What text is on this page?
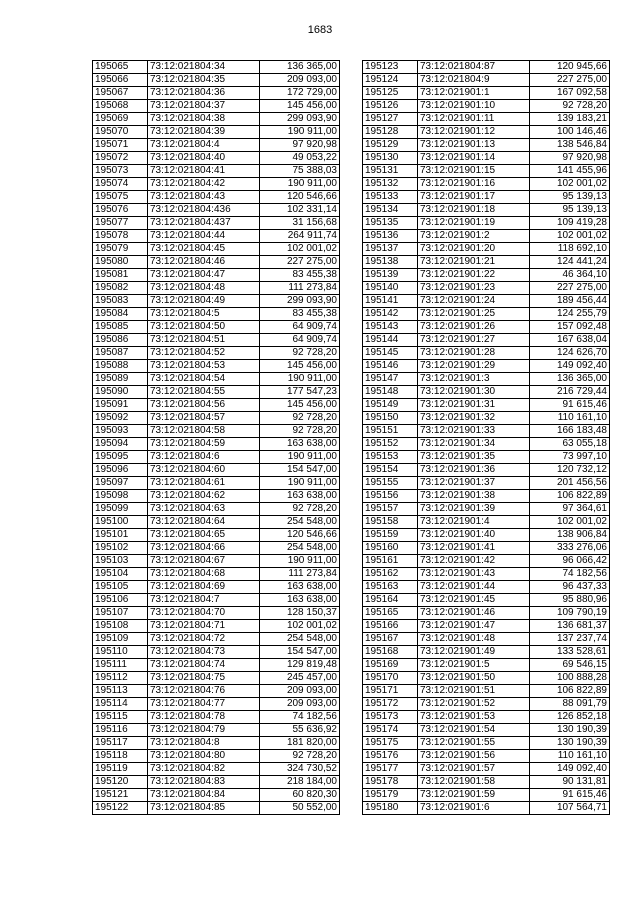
1683
195065	73:12:021804:34	136 365,00
195066	73:12:021804:35	209 093,00
195067	73:12:021804:36	172 729,00
195068	73:12:021804:37	145 456,00
195069	73:12:021804:38	299 093,90
195070	73:12:021804:39	190 911,00
195071	73:12:021804:4	97 920,98
195072	73:12:021804:40	49 053,22
195073	73:12:021804:41	75 388,03
195074	73:12:021804:42	190 911,00
195075	73:12:021804:43	120 546,66
195076	73:12:021804:436	102 331,14
195077	73:12:021804:437	31 156,68
195078	73:12:021804:44	264 911,74
195079	73:12:021804:45	102 001,02
195080	73:12:021804:46	227 275,00
195081	73:12:021804:47	83 455,38
195082	73:12:021804:48	111 273,84
195083	73:12:021804:49	299 093,90
195084	73:12:021804:5	83 455,38
195085	73:12:021804:50	64 909,74
195086	73:12:021804:51	64 909,74
195087	73:12:021804:52	92 728,20
195088	73:12:021804:53	145 456,00
195089	73:12:021804:54	190 911,00
195090	73:12:021804:55	177 547,23
195091	73:12:021804:56	145 456,00
195092	73:12:021804:57	92 728,20
195093	73:12:021804:58	92 728,20
195094	73:12:021804:59	163 638,00
195095	73:12:021804:6	190 911,00
195096	73:12:021804:60	154 547,00
195097	73:12:021804:61	190 911,00
195098	73:12:021804:62	163 638,00
195099	73:12:021804:63	92 728,20
195100	73:12:021804:64	254 548,00
195101	73:12:021804:65	120 546,66
195102	73:12:021804:66	254 548,00
195103	73:12:021804:67	190 911,00
195104	73:12:021804:68	111 273,84
195105	73:12:021804:69	163 638,00
195106	73:12:021804:7	163 638,00
195107	73:12:021804:70	128 150,37
195108	73:12:021804:71	102 001,02
195109	73:12:021804:72	254 548,00
195110	73:12:021804:73	154 547,00
195111	73:12:021804:74	129 819,48
195112	73:12:021804:75	245 457,00
195113	73:12:021804:76	209 093,00
195114	73:12:021804:77	209 093,00
195115	73:12:021804:78	74 182,56
195116	73:12:021804:79	55 636,92
195117	73:12:021804:8	181 820,00
195118	73:12:021804:80	92 728,20
195119	73:12:021804:82	324 730,52
195120	73:12:021804:83	218 184,00
195121	73:12:021804:84	60 820,30
195122	73:12:021804:85	50 552,00
195123	73:12:021804:87	120 945,66
195124	73:12:021804:9	227 275,00
195125	73:12:021901:1	167 092,58
195126	73:12:021901:10	92 728,20
195127	73:12:021901:11	139 183,21
195128	73:12:021901:12	100 146,46
195129	73:12:021901:13	138 546,84
195130	73:12:021901:14	97 920,98
195131	73:12:021901:15	141 455,96
195132	73:12:021901:16	102 001,02
195133	73:12:021901:17	95 139,13
195134	73:12:021901:18	95 139,13
195135	73:12:021901:19	109 419,28
195136	73:12:021901:2	102 001,02
195137	73:12:021901:20	118 692,10
195138	73:12:021901:21	124 441,24
195139	73:12:021901:22	46 364,10
195140	73:12:021901:23	227 275,00
195141	73:12:021901:24	189 456,44
195142	73:12:021901:25	124 255,79
195143	73:12:021901:26	157 092,48
195144	73:12:021901:27	167 638,04
195145	73:12:021901:28	124 626,70
195146	73:12:021901:29	149 092,40
195147	73:12:021901:3	136 365,00
195148	73:12:021901:30	216 729,44
195149	73:12:021901:31	91 615,46
195150	73:12:021901:32	110 161,10
195151	73:12:021901:33	166 183,48
195152	73:12:021901:34	63 055,18
195153	73:12:021901:35	73 997,10
195154	73:12:021901:36	120 732,12
195155	73:12:021901:37	201 456,56
195156	73:12:021901:38	106 822,89
195157	73:12:021901:39	97 364,61
195158	73:12:021901:4	102 001,02
195159	73:12:021901:40	138 906,84
195160	73:12:021901:41	333 276,06
195161	73:12:021901:42	96 066,42
195162	73:12:021901:43	74 182,56
195163	73:12:021901:44	96 437,33
195164	73:12:021901:45	95 880,96
195165	73:12:021901:46	109 790,19
195166	73:12:021901:47	136 681,37
195167	73:12:021901:48	137 237,74
195168	73:12:021901:49	133 528,61
195169	73:12:021901:5	69 546,15
195170	73:12:021901:50	100 888,28
195171	73:12:021901:51	106 822,89
195172	73:12:021901:52	88 091,79
195173	73:12:021901:53	126 852,18
195174	73:12:021901:54	130 190,39
195175	73:12:021901:55	130 190,39
195176	73:12:021901:56	110 161,10
195177	73:12:021901:57	149 092,40
195178	73:12:021901:58	90 131,81
195179	73:12:021901:59	91 615,46
195180	73:12:021901:6	107 564,71
